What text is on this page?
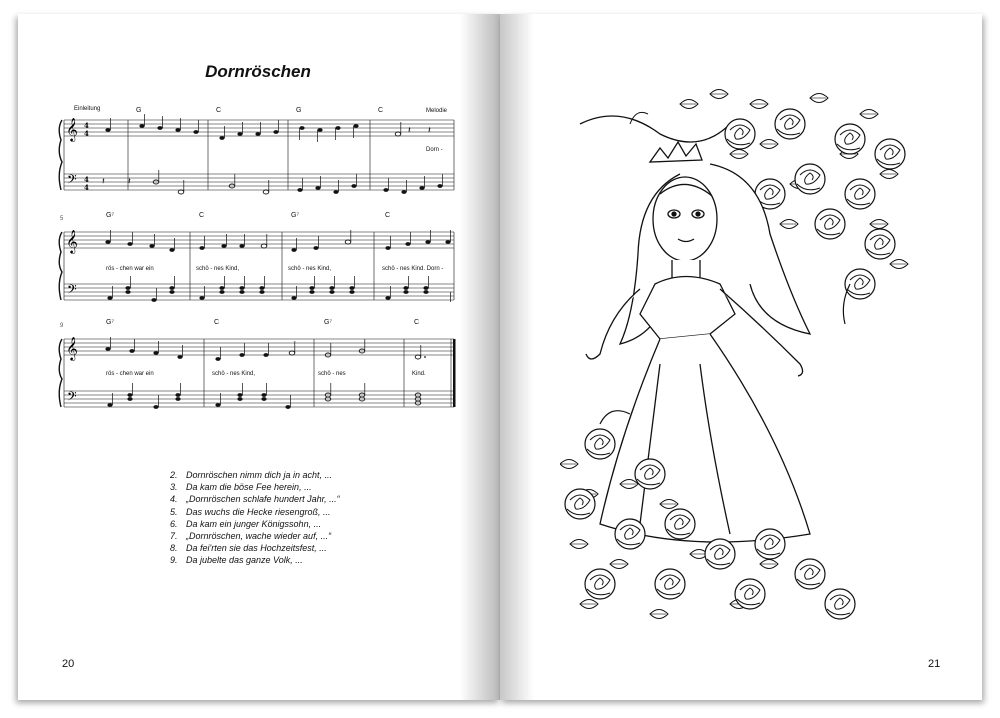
Dornröschen
Einleitung	Melodie
G	C	G	C
Dorn -
𝄞
𝄢
4
4
4
4
𝄽	𝄽
𝄽 𝄽
5	G⁷	C	G⁷	C
rös - chen war ein	schö - nes Kind,	schö - nes Kind,	schö - nes Kind. Dorn -
𝄞
𝄢
9	G⁷	C	G⁷	C
rös - chen war ein	schö - nes Kind,	schö - nes	Kind.
𝄞
𝄢
2. Dornröschen nimm dich ja in acht, ...
3. Da kam die böse Fee herein, ...
4. „Dornröschen schlafe hundert Jahr, ...“
5. Das wuchs die Hecke riesengroß, ...
6. Da kam ein junger Königssohn, ...
7. „Dornröschen, wache wieder auf, ...“
8. Da fei'rten sie das Hochzeitsfest, ...
9. Da jubelte das ganze Volk, ...
20	21
